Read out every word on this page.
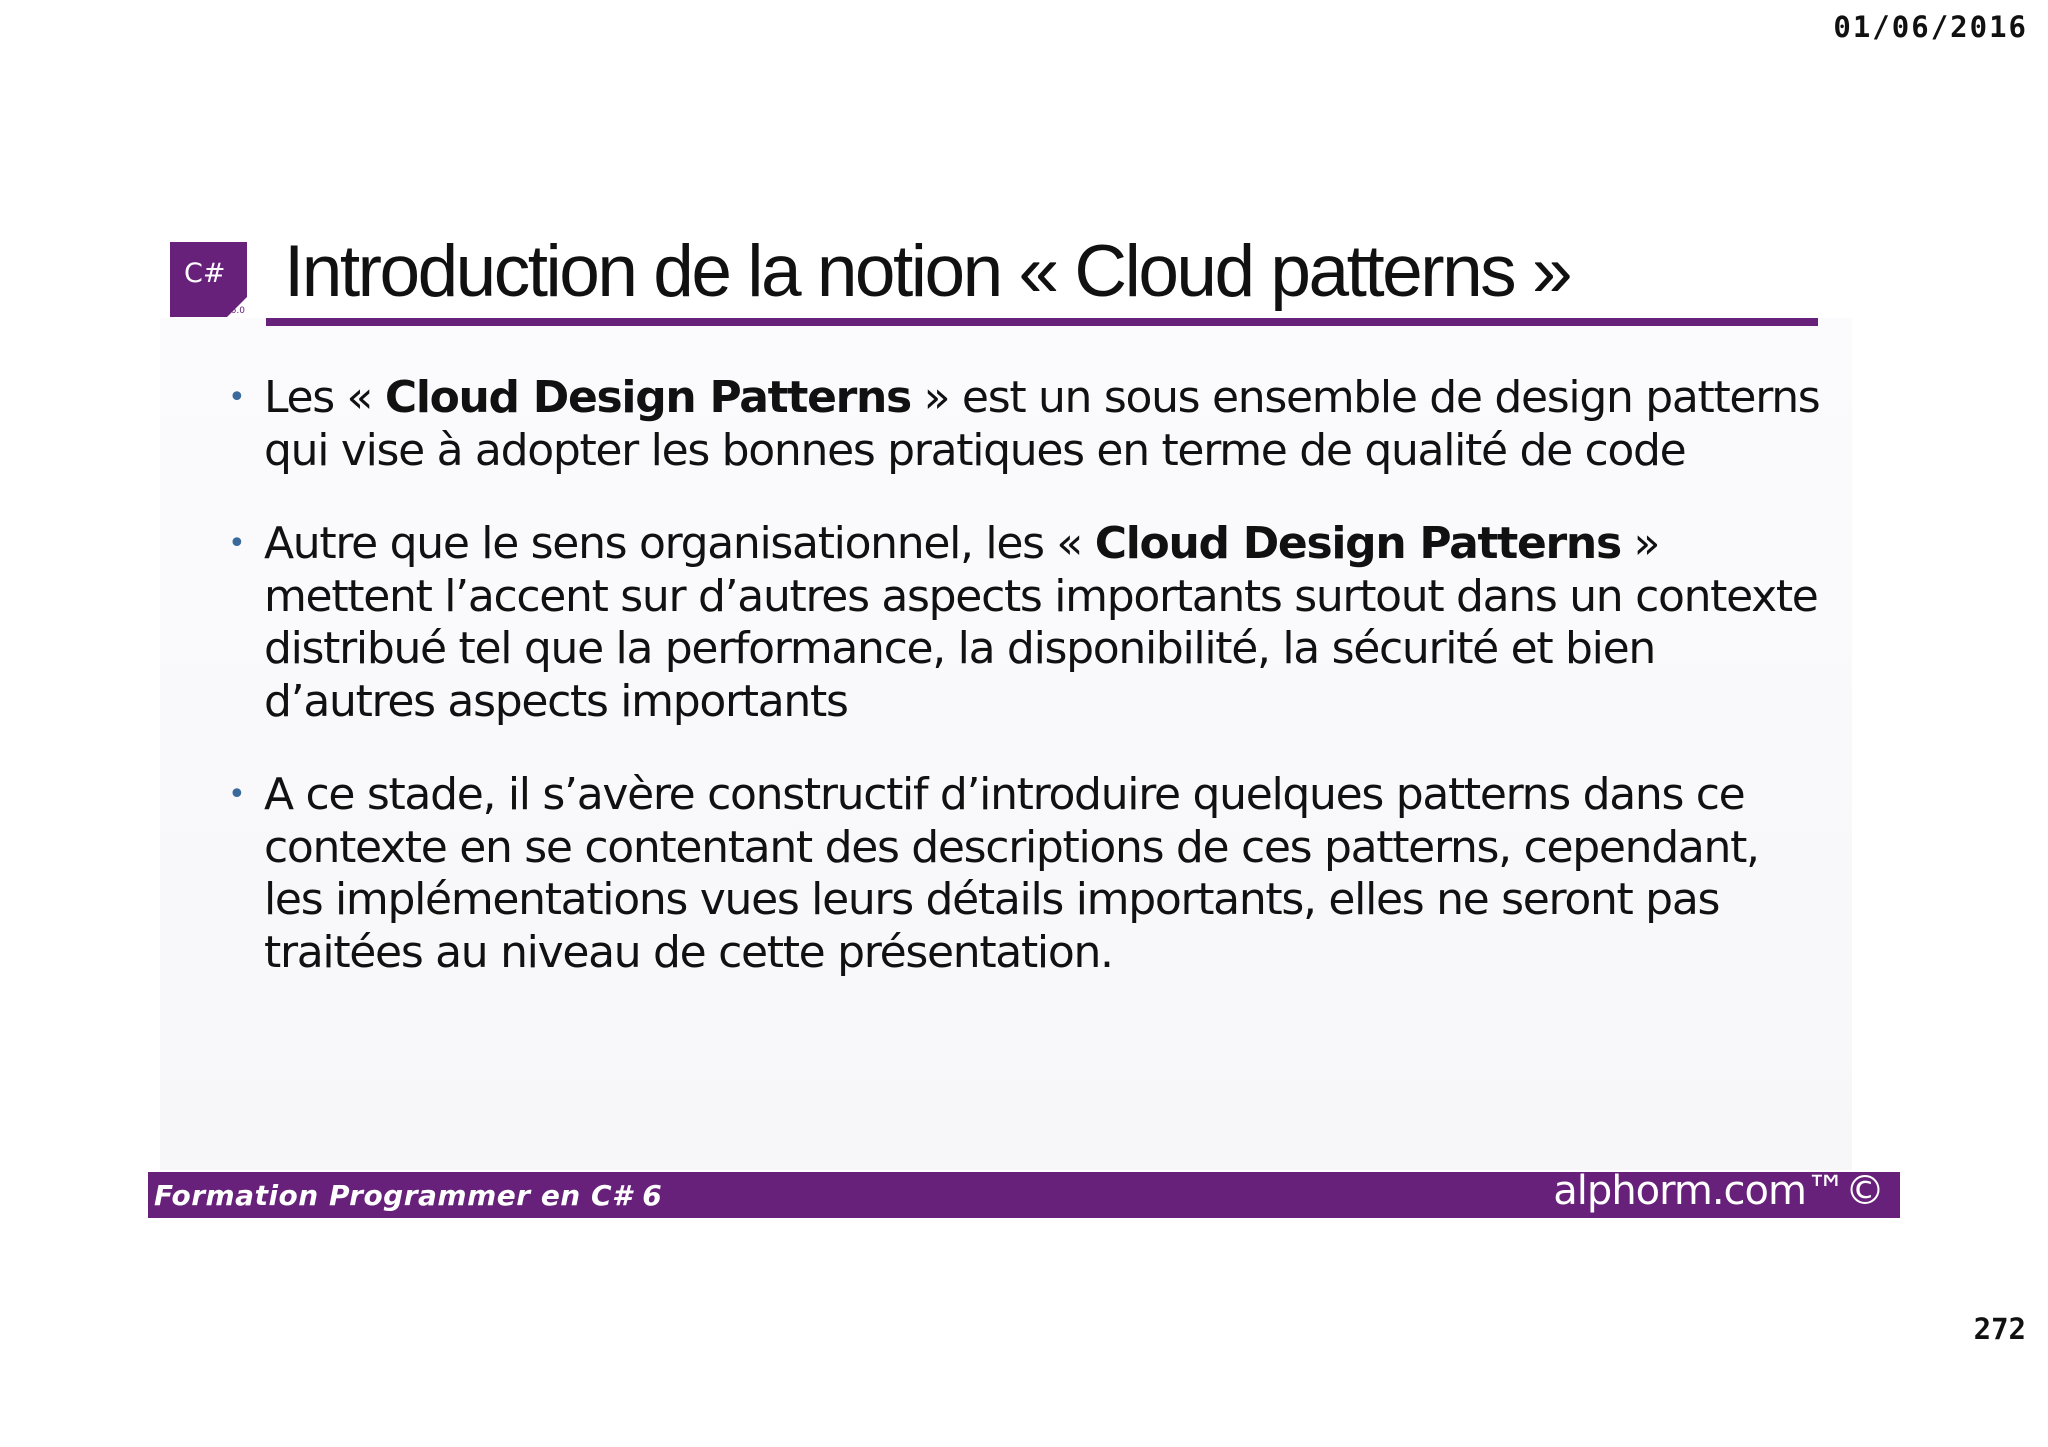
01/06/2016
C#
6.0 Introduction de la notion « Cloud patterns »
• Les « Cloud Design Patterns » est un sous ensemble de design patterns qui vise à adopter les bonnes pratiques en terme de qualité de code
• Autre que le sens organisationnel, les « Cloud Design Patterns » mettent l’accent sur d’autres aspects importants surtout dans un contexte distribué tel que la performance, la disponibilité, la sécurité et bien d’autres aspects importants
• A ce stade, il s’avère constructif d’introduire quelques patterns dans ce contexte en se contentant des descriptions de ces patterns, cependant, les implémentations vues leurs détails importants, elles ne seront pas traitées au niveau de cette présentation.
Formation Programmer en C# 6	alphorm.com™©
272
